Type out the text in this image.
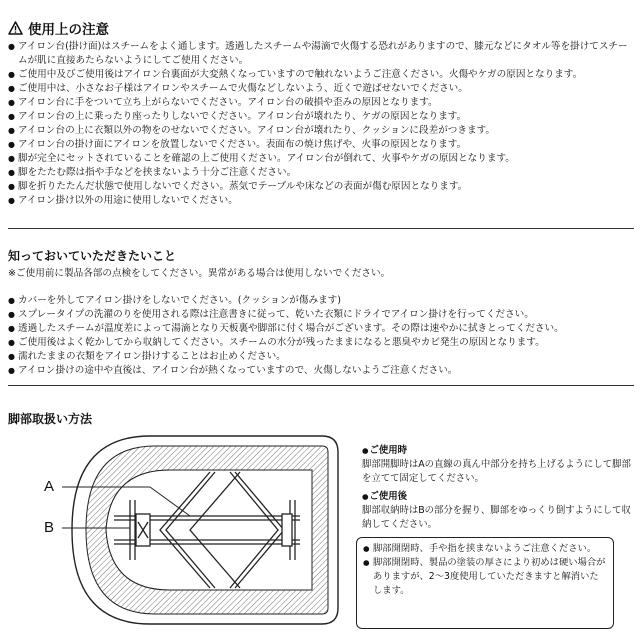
使用上の注意
● アイロン台(掛け面)はスチームをよく通します。透過したスチームや湯滴で火傷する恐れがありますので、膝元などにタオル等を掛けてスチームが肌に直接あたらないようにしてご使用ください。
● ご使用中及びご使用後はアイロン台裏面が大変熱くなっていますので触れないようご注意ください。火傷やケガの原因となります。
● ご使用中は、小さなお子様はアイロンやスチームで火傷などしないよう、近くで遊ばせないでください。
● アイロン台に手をついて立ち上がらないでください。アイロン台の破損や歪みの原因となります。
● アイロン台の上に乗ったり座ったりしないでください。アイロン台が壊れたり、ケガの原因となります。
● アイロン台の上に衣類以外の物をのせないでください。アイロン台が壊れたり、クッションに段差がつきます。
● アイロン台の掛け面にアイロンを放置しないでください。表面布の焼け焦げや、火事の原因となります。
● 脚が完全にセットされていることを確認の上ご使用ください。アイロン台が倒れて、火事やケガの原因となります。
● 脚をたたむ際は指や手などを挟まないよう十分ご注意ください。
● 脚を折りたたんだ状態で使用しないでください。蒸気でテーブルや床などの表面が傷む原因となります。
● アイロン掛け以外の用途に使用しないでください。
知っておいていただきたいこと
※ご使用前に製品各部の点検をしてください。異常がある場合は使用しないでください。
● カバーを外してアイロン掛けをしないでください。(クッションが傷みます)
● スプレータイプの洗濯のりを使用される際は注意書きに従って、乾いた衣類にドライでアイロン掛けを行ってください。
● 透過したスチームが温度差によって湯滴となり天板裏や脚部に付く場合がございます。その際は速やかに拭きとってください。
● ご使用後はよく乾かしてから収納してください。スチームの水分が残ったままになると悪臭やカビ発生の原因となります。
● 濡れたままの衣類をアイロン掛けすることはお止めください。
● アイロン掛けの途中や直後は、アイロン台が熱くなっていますので、火傷しないようご注意ください。
脚部取扱い方法
A
B
● ご使用時
脚部開脚時はAの直線の真ん中部分を持ち上げるようにして脚部を立てて固定してください。
● ご使用後
脚部収納時はBの部分を握り、脚部をゆっくり倒すようにして収納してください。
● 脚部開閉時、手や指を挟まないようご注意ください。
● 脚部開閉時、製品の塗装の厚さにより初めは硬い場合がありますが、2〜3度使用していただきますと解消いたします。
